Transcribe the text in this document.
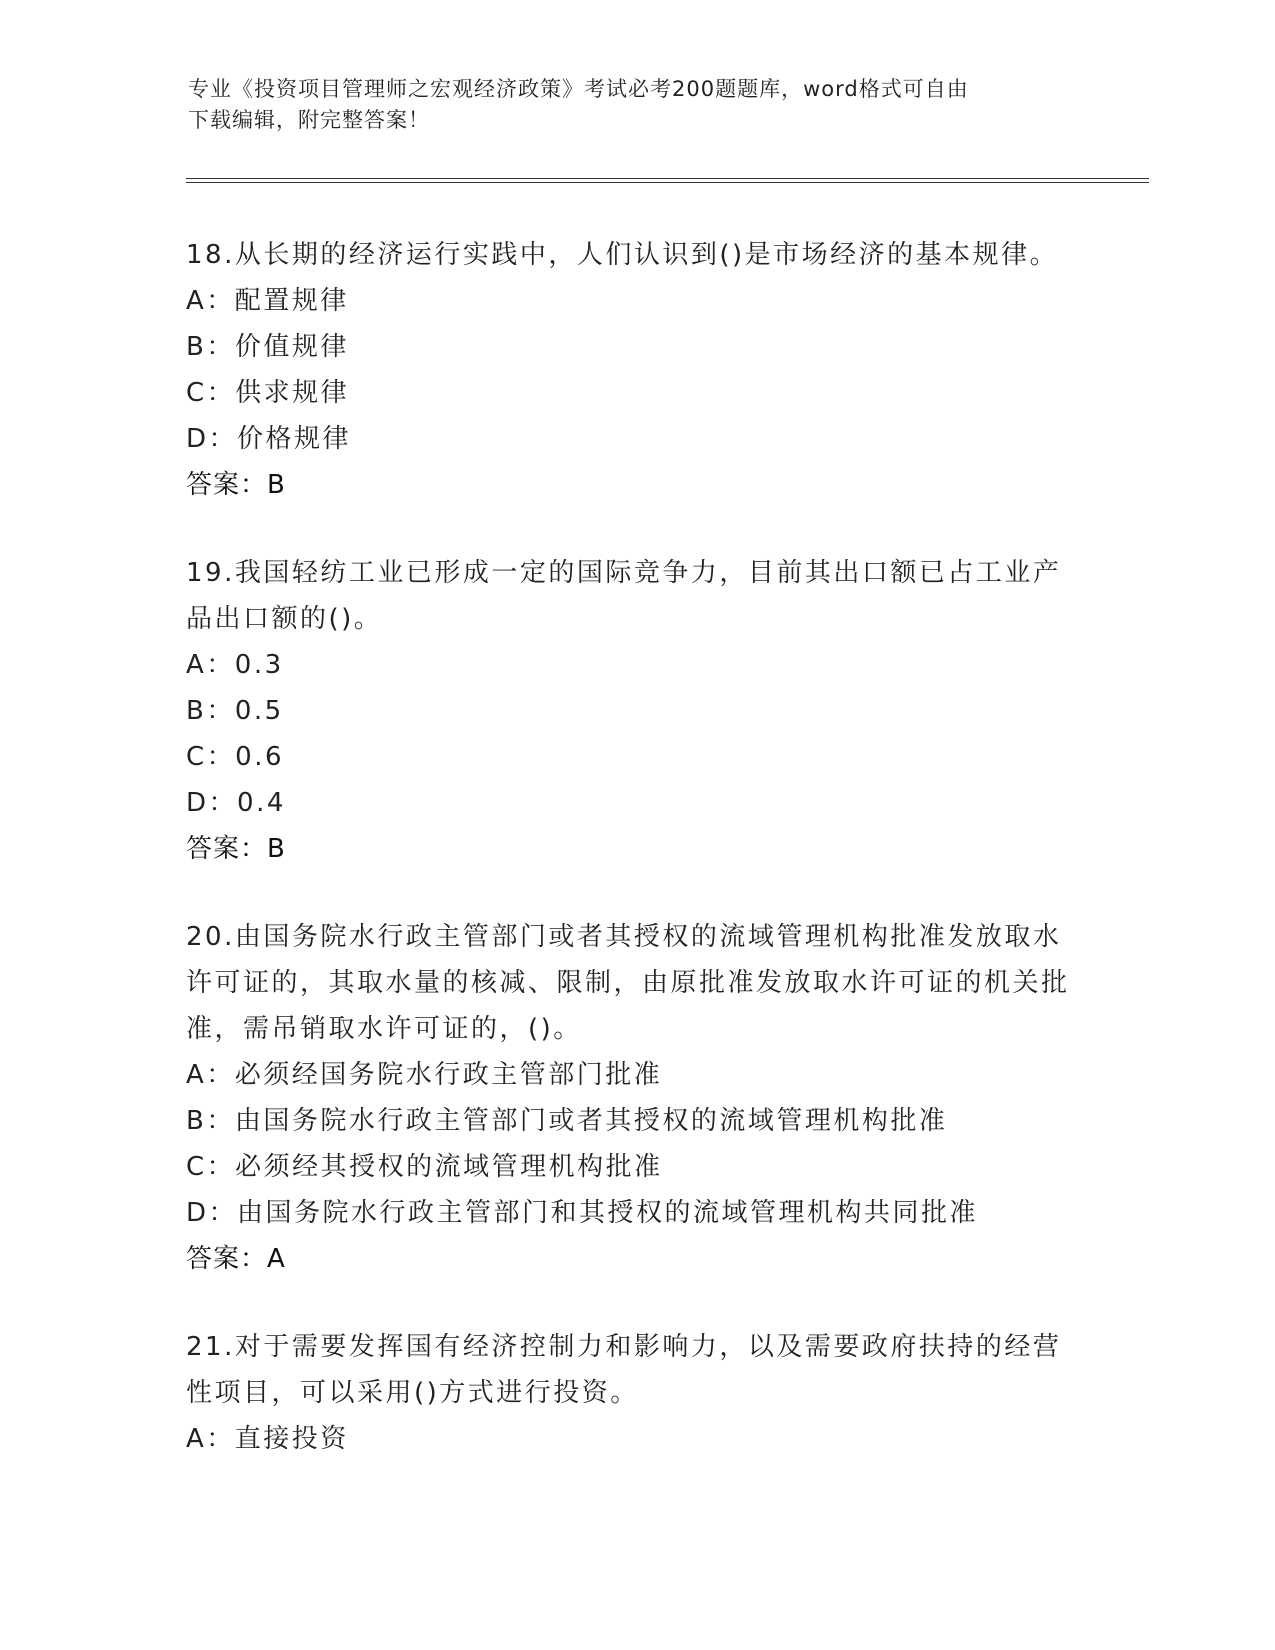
专业《投资项目管理师之宏观经济政策》考试必考200题题库，word格式可自由
下载编辑，附完整答案！
18.从长期的经济运行实践中，人们认识到()是市场经济的基本规律。
A：配置规律
B：价值规律
C：供求规律
D：价格规律
答案：B
19.我国轻纺工业已形成一定的国际竞争力，目前其出口额已占工业产品出口额的()。
A：0.3
B：0.5
C：0.6
D：0.4
答案：B
20.由国务院水行政主管部门或者其授权的流域管理机构批准发放取水许可证的，其取水量的核减、限制，由原批准发放取水许可证的机关批准，需吊销取水许可证的，()。
A：必须经国务院水行政主管部门批准
B：由国务院水行政主管部门或者其授权的流域管理机构批准
C：必须经其授权的流域管理机构批准
D：由国务院水行政主管部门和其授权的流域管理机构共同批准
答案：A
21.对于需要发挥国有经济控制力和影响力，以及需要政府扶持的经营性项目，可以采用()方式进行投资。
A：直接投资
